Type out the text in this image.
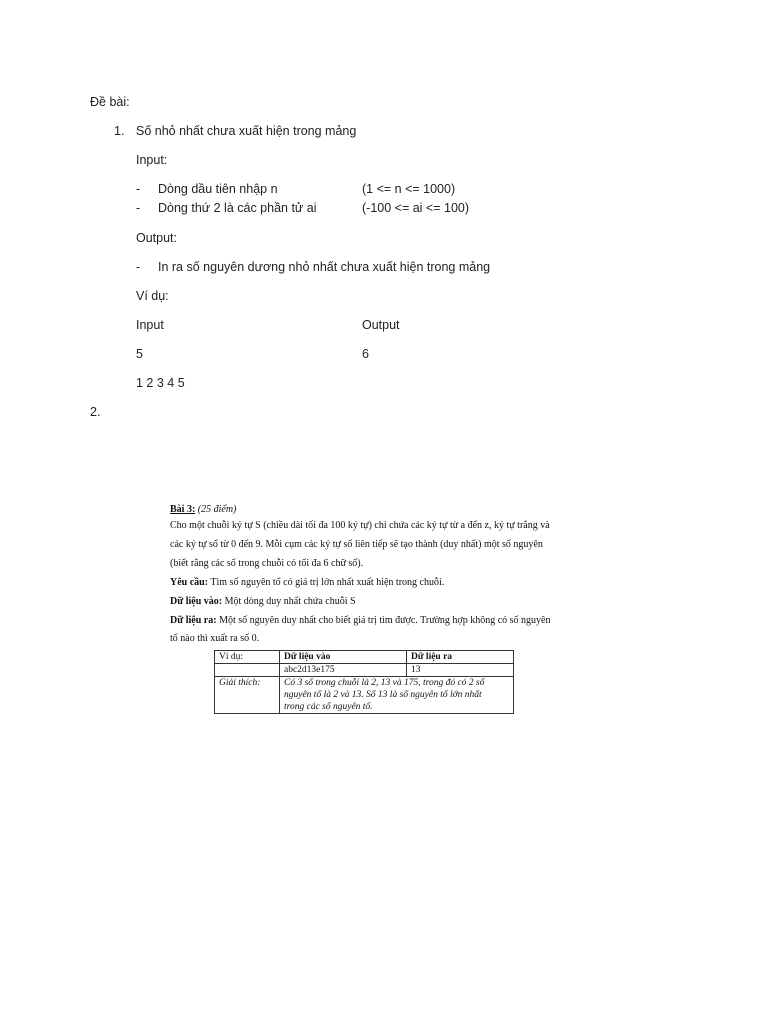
Đề bài:
1. Số nhỏ nhất chưa xuất hiện trong mảng
Input:
- Dòng dầu tiên nhập n	(1 <= n <= 1000)
- Dòng thứ 2 là các phần tử ai	(-100 <= ai <= 100)
Output:
- In ra số nguyên dương nhỏ nhất chưa xuất hiện trong mảng
Ví dụ:
Input	Output
5	6
1 2 3 4 5
2.
Bài 3: (25 điểm)
Cho một chuỗi ký tự S (chiều dài tối đa 100 ký tự) chỉ chứa các ký tự từ a đến z, ký tự trắng và
các ký tự số từ 0 đến 9. Mỗi cụm các ký tự số liên tiếp sẽ tạo thành (duy nhất) một số nguyên
(biết rằng các số trong chuỗi có tối đa 6 chữ số).
Yêu cầu: Tìm số nguyên tố có giá trị lớn nhất xuất hiện trong chuỗi.
Dữ liệu vào: Một dòng duy nhất chứa chuỗi S
Dữ liệu ra: Một số nguyên duy nhất cho biết giá trị tìm được. Trường hợp không có số nguyên
tố nào thì xuất ra số 0.
Ví dụ:	Dữ liệu vào	Dữ liệu ra
	abc2d13e175	13
Giải thích:	Có 3 số trong chuỗi là 2, 13 và 175, trong đó có 2 số
nguyên tố là 2 và 13. Số 13 là số nguyên tố lớn nhất
trong các số nguyên tố.	
